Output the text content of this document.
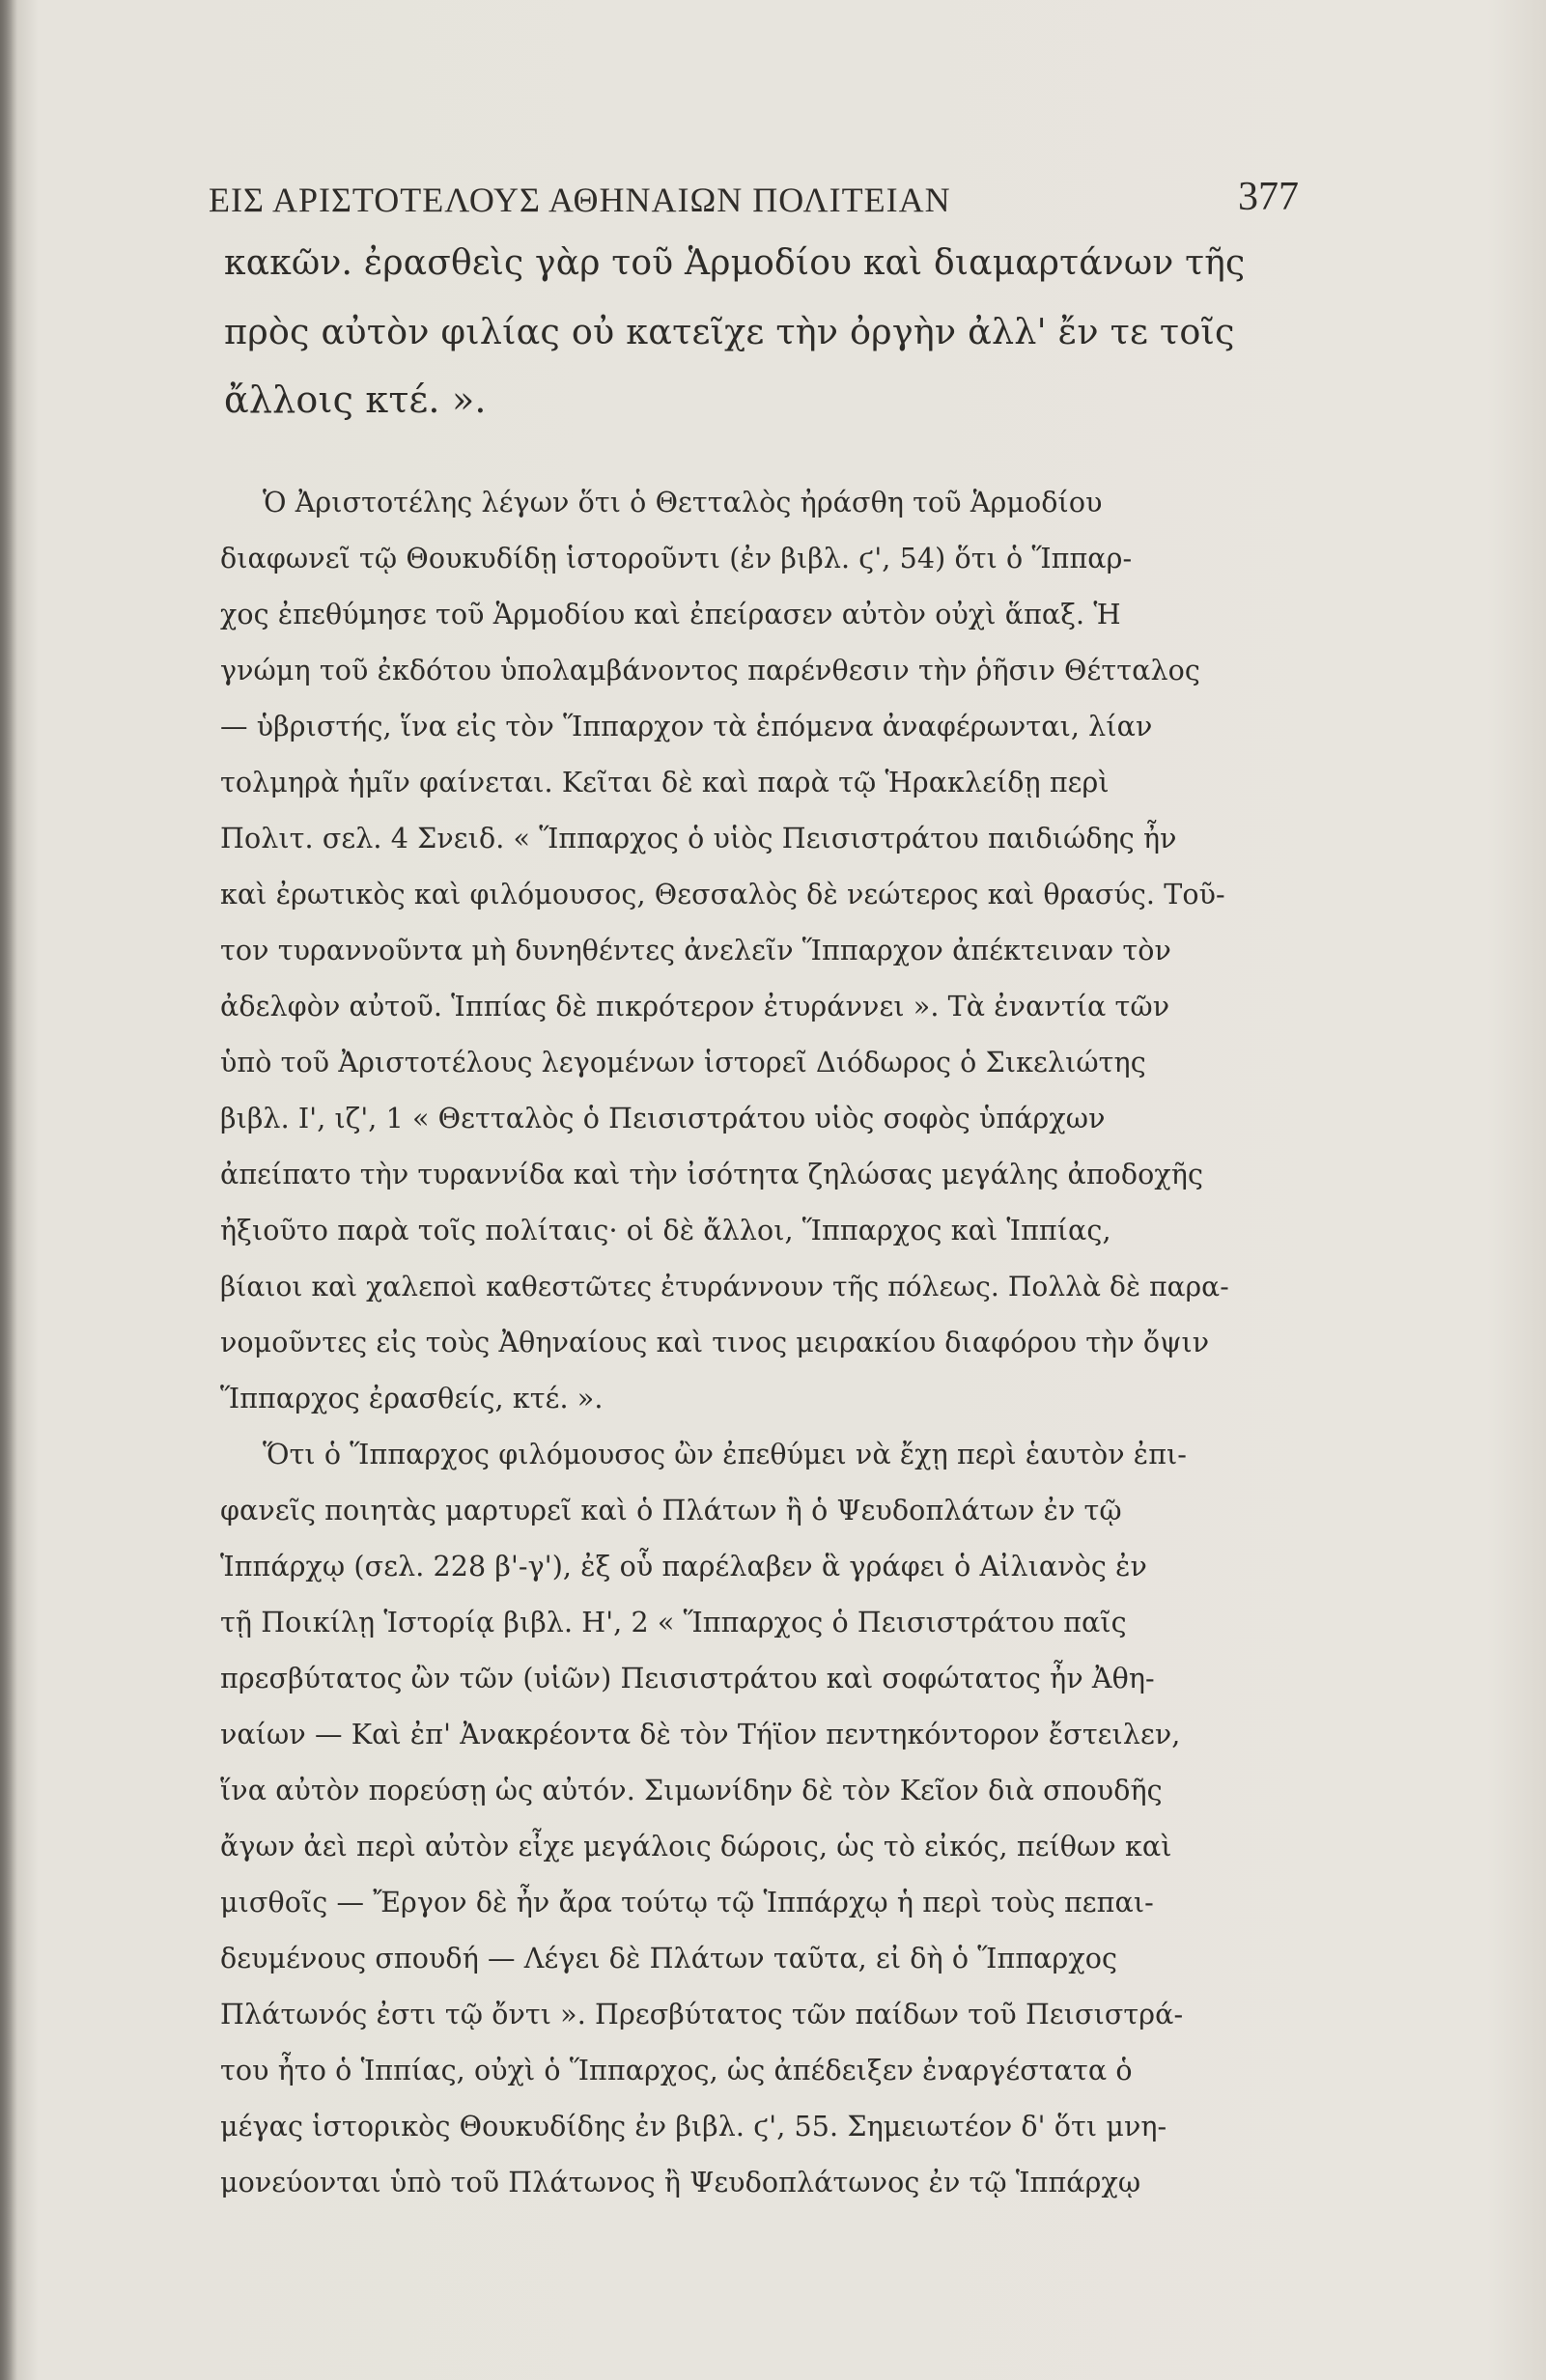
ΕΙΣ ΑΡΙΣΤΟΤΕΛΟΥΣ ΑΘΗΝΑΙΩΝ ΠΟΛΙΤΕΙΑΝ	377
κακῶν. ἐρασθεὶς γὰρ τοῦ Ἁρμοδίου καὶ διαμαρτάνων τῆς
πρὸς αὐτὸν φιλίας οὐ κατεῖχε τὴν ὀργὴν ἀλλ' ἔν τε τοῖς
ἄλλοις κτέ. ».
Ὁ Ἀριστοτέλης λέγων ὅτι ὁ Θετταλὸς ἠράσθη τοῦ Ἁρμοδίου
διαφωνεῖ τῷ Θουκυδίδῃ ἱστοροῦντι (ἐν βιβλ. ϛ', 54) ὅτι ὁ Ἵππαρ-
χος ἐπεθύμησε τοῦ Ἁρμοδίου καὶ ἐπείρασεν αὐτὸν οὐχὶ ἅπαξ. Ἡ
γνώμη τοῦ ἐκδότου ὑπολαμβάνοντος παρένθεσιν τὴν ῥῆσιν Θέτταλος
— ὑβριστής, ἵνα εἰς τὸν Ἵππαρχον τὰ ἑπόμενα ἀναφέρωνται, λίαν
τολμηρὰ ἡμῖν φαίνεται. Κεῖται δὲ καὶ παρὰ τῷ Ἡρακλείδῃ περὶ
Πολιτ. σελ. 4 Σνειδ. « Ἵππαρχος ὁ υἱὸς Πεισιστράτου παιδιώδης ἦν
καὶ ἐρωτικὸς καὶ φιλόμουσος, Θεσσαλὸς δὲ νεώτερος καὶ θρασύς. Τοῦ-
τον τυραννοῦντα μὴ δυνηθέντες ἀνελεῖν Ἵππαρχον ἀπέκτειναν τὸν
ἀδελφὸν αὐτοῦ. Ἱππίας δὲ πικρότερον ἐτυράννει ». Τὰ ἐναντία τῶν
ὑπὸ τοῦ Ἀριστοτέλους λεγομένων ἱστορεῖ Διόδωρος ὁ Σικελιώτης
βιβλ. Ι', ιζ', 1 « Θετταλὸς ὁ Πεισιστράτου υἱὸς σοφὸς ὑπάρχων
ἀπείπατο τὴν τυραννίδα καὶ τὴν ἰσότητα ζηλώσας μεγάλης ἀποδοχῆς
ἠξιοῦτο παρὰ τοῖς πολίταις· οἱ δὲ ἄλλοι, Ἵππαρχος καὶ Ἱππίας,
βίαιοι καὶ χαλεποὶ καθεστῶτες ἐτυράννουν τῆς πόλεως. Πολλὰ δὲ παρα-
νομοῦντες εἰς τοὺς Ἀθηναίους καὶ τινος μειρακίου διαφόρου τὴν ὄψιν
Ἵππαρχος ἐρασθείς, κτέ. ».
Ὅτι ὁ Ἵππαρχος φιλόμουσος ὢν ἐπεθύμει νὰ ἔχῃ περὶ ἑαυτὸν ἐπι-
φανεῖς ποιητὰς μαρτυρεῖ καὶ ὁ Πλάτων ἢ ὁ Ψευδοπλάτων ἐν τῷ
Ἱππάρχῳ (σελ. 228 β'-γ'), ἐξ οὗ παρέλαβεν ἃ γράφει ὁ Αἰλιανὸς ἐν
τῇ Ποικίλῃ Ἱστορίᾳ βιβλ. Η', 2 « Ἵππαρχος ὁ Πεισιστράτου παῖς
πρεσβύτατος ὢν τῶν (υἱῶν) Πεισιστράτου καὶ σοφώτατος ἦν Ἀθη-
ναίων — Καὶ ἐπ' Ἀνακρέοντα δὲ τὸν Τήϊον πεντηκόντορον ἔστειλεν,
ἵνα αὐτὸν πορεύσῃ ὡς αὐτόν. Σιμωνίδην δὲ τὸν Κεῖον διὰ σπουδῆς
ἄγων ἀεὶ περὶ αὐτὸν εἶχε μεγάλοις δώροις, ὡς τὸ εἰκός, πείθων καὶ
μισθοῖς — Ἔργον δὲ ἦν ἄρα τούτῳ τῷ Ἱππάρχῳ ἡ περὶ τοὺς πεπαι-
δευμένους σπουδή — Λέγει δὲ Πλάτων ταῦτα, εἰ δὴ ὁ Ἵππαρχος
Πλάτωνός ἐστι τῷ ὄντι ». Πρεσβύτατος τῶν παίδων τοῦ Πεισιστρά-
του ἦτο ὁ Ἱππίας, οὐχὶ ὁ Ἵππαρχος, ὡς ἀπέδειξεν ἐναργέστατα ὁ
μέγας ἱστορικὸς Θουκυδίδης ἐν βιβλ. ϛ', 55. Σημειωτέον δ' ὅτι μνη-
μονεύονται ὑπὸ τοῦ Πλάτωνος ἢ Ψευδοπλάτωνος ἐν τῷ Ἱππάρχῳ
